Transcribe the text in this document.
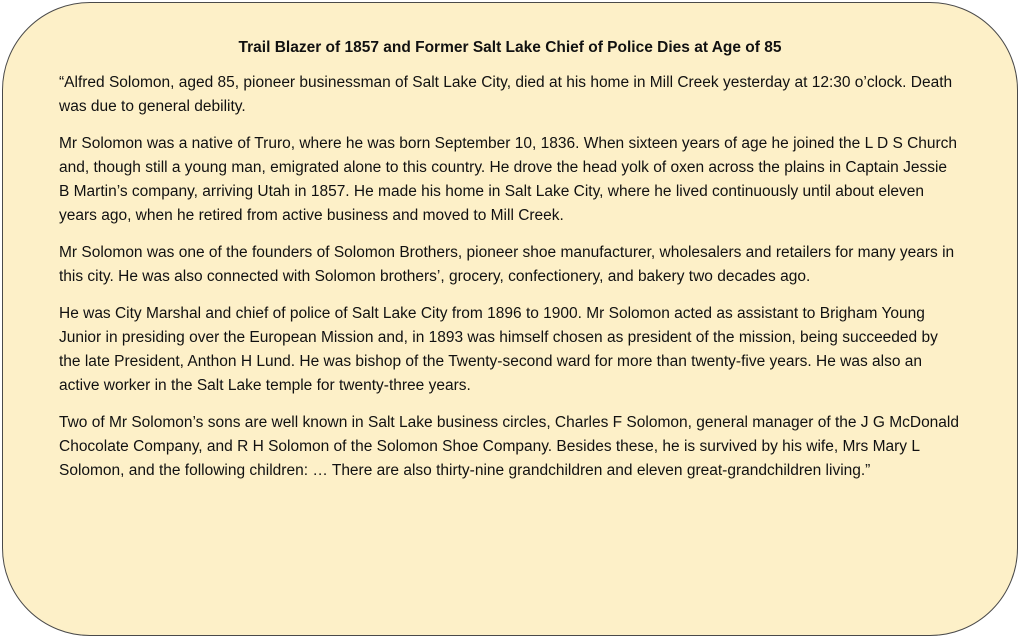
Trail Blazer of 1857 and Former Salt Lake Chief of Police Dies at Age of 85

“Alfred Solomon, aged 85, pioneer businessman of Salt Lake City, died at his home in Mill Creek yesterday at 12:30 o’clock. Death was due to general debility.

Mr Solomon was a native of Truro, where he was born September 10, 1836. When sixteen years of age he joined the L D S Church and, though still a young man, emigrated alone to this country. He drove the head yolk of oxen across the plains in Captain Jessie B Martin’s company, arriving Utah in 1857. He made his home in Salt Lake City, where he lived continuously until about eleven years ago, when he retired from active business and moved to Mill Creek.

Mr Solomon was one of the founders of Solomon Brothers, pioneer shoe manufacturer, wholesalers and retailers for many years in this city. He was also connected with Solomon brothers’, grocery, confectionery, and bakery two decades ago.

He was City Marshal and chief of police of Salt Lake City from 1896 to 1900. Mr Solomon acted as assistant to Brigham Young Junior in presiding over the European Mission and, in 1893 was himself chosen as president of the mission, being succeeded by the late President, Anthon H Lund. He was bishop of the Twenty-second ward for more than twenty-five years. He was also an active worker in the Salt Lake temple for twenty-three years.

Two of Mr Solomon’s sons are well known in Salt Lake business circles, Charles F Solomon, general manager of the J G McDonald Chocolate Company, and R H Solomon of the Solomon Shoe Company. Besides these, he is survived by his wife, Mrs Mary L Solomon, and the following children: … There are also thirty-nine grandchildren and eleven great-grandchildren living.”
